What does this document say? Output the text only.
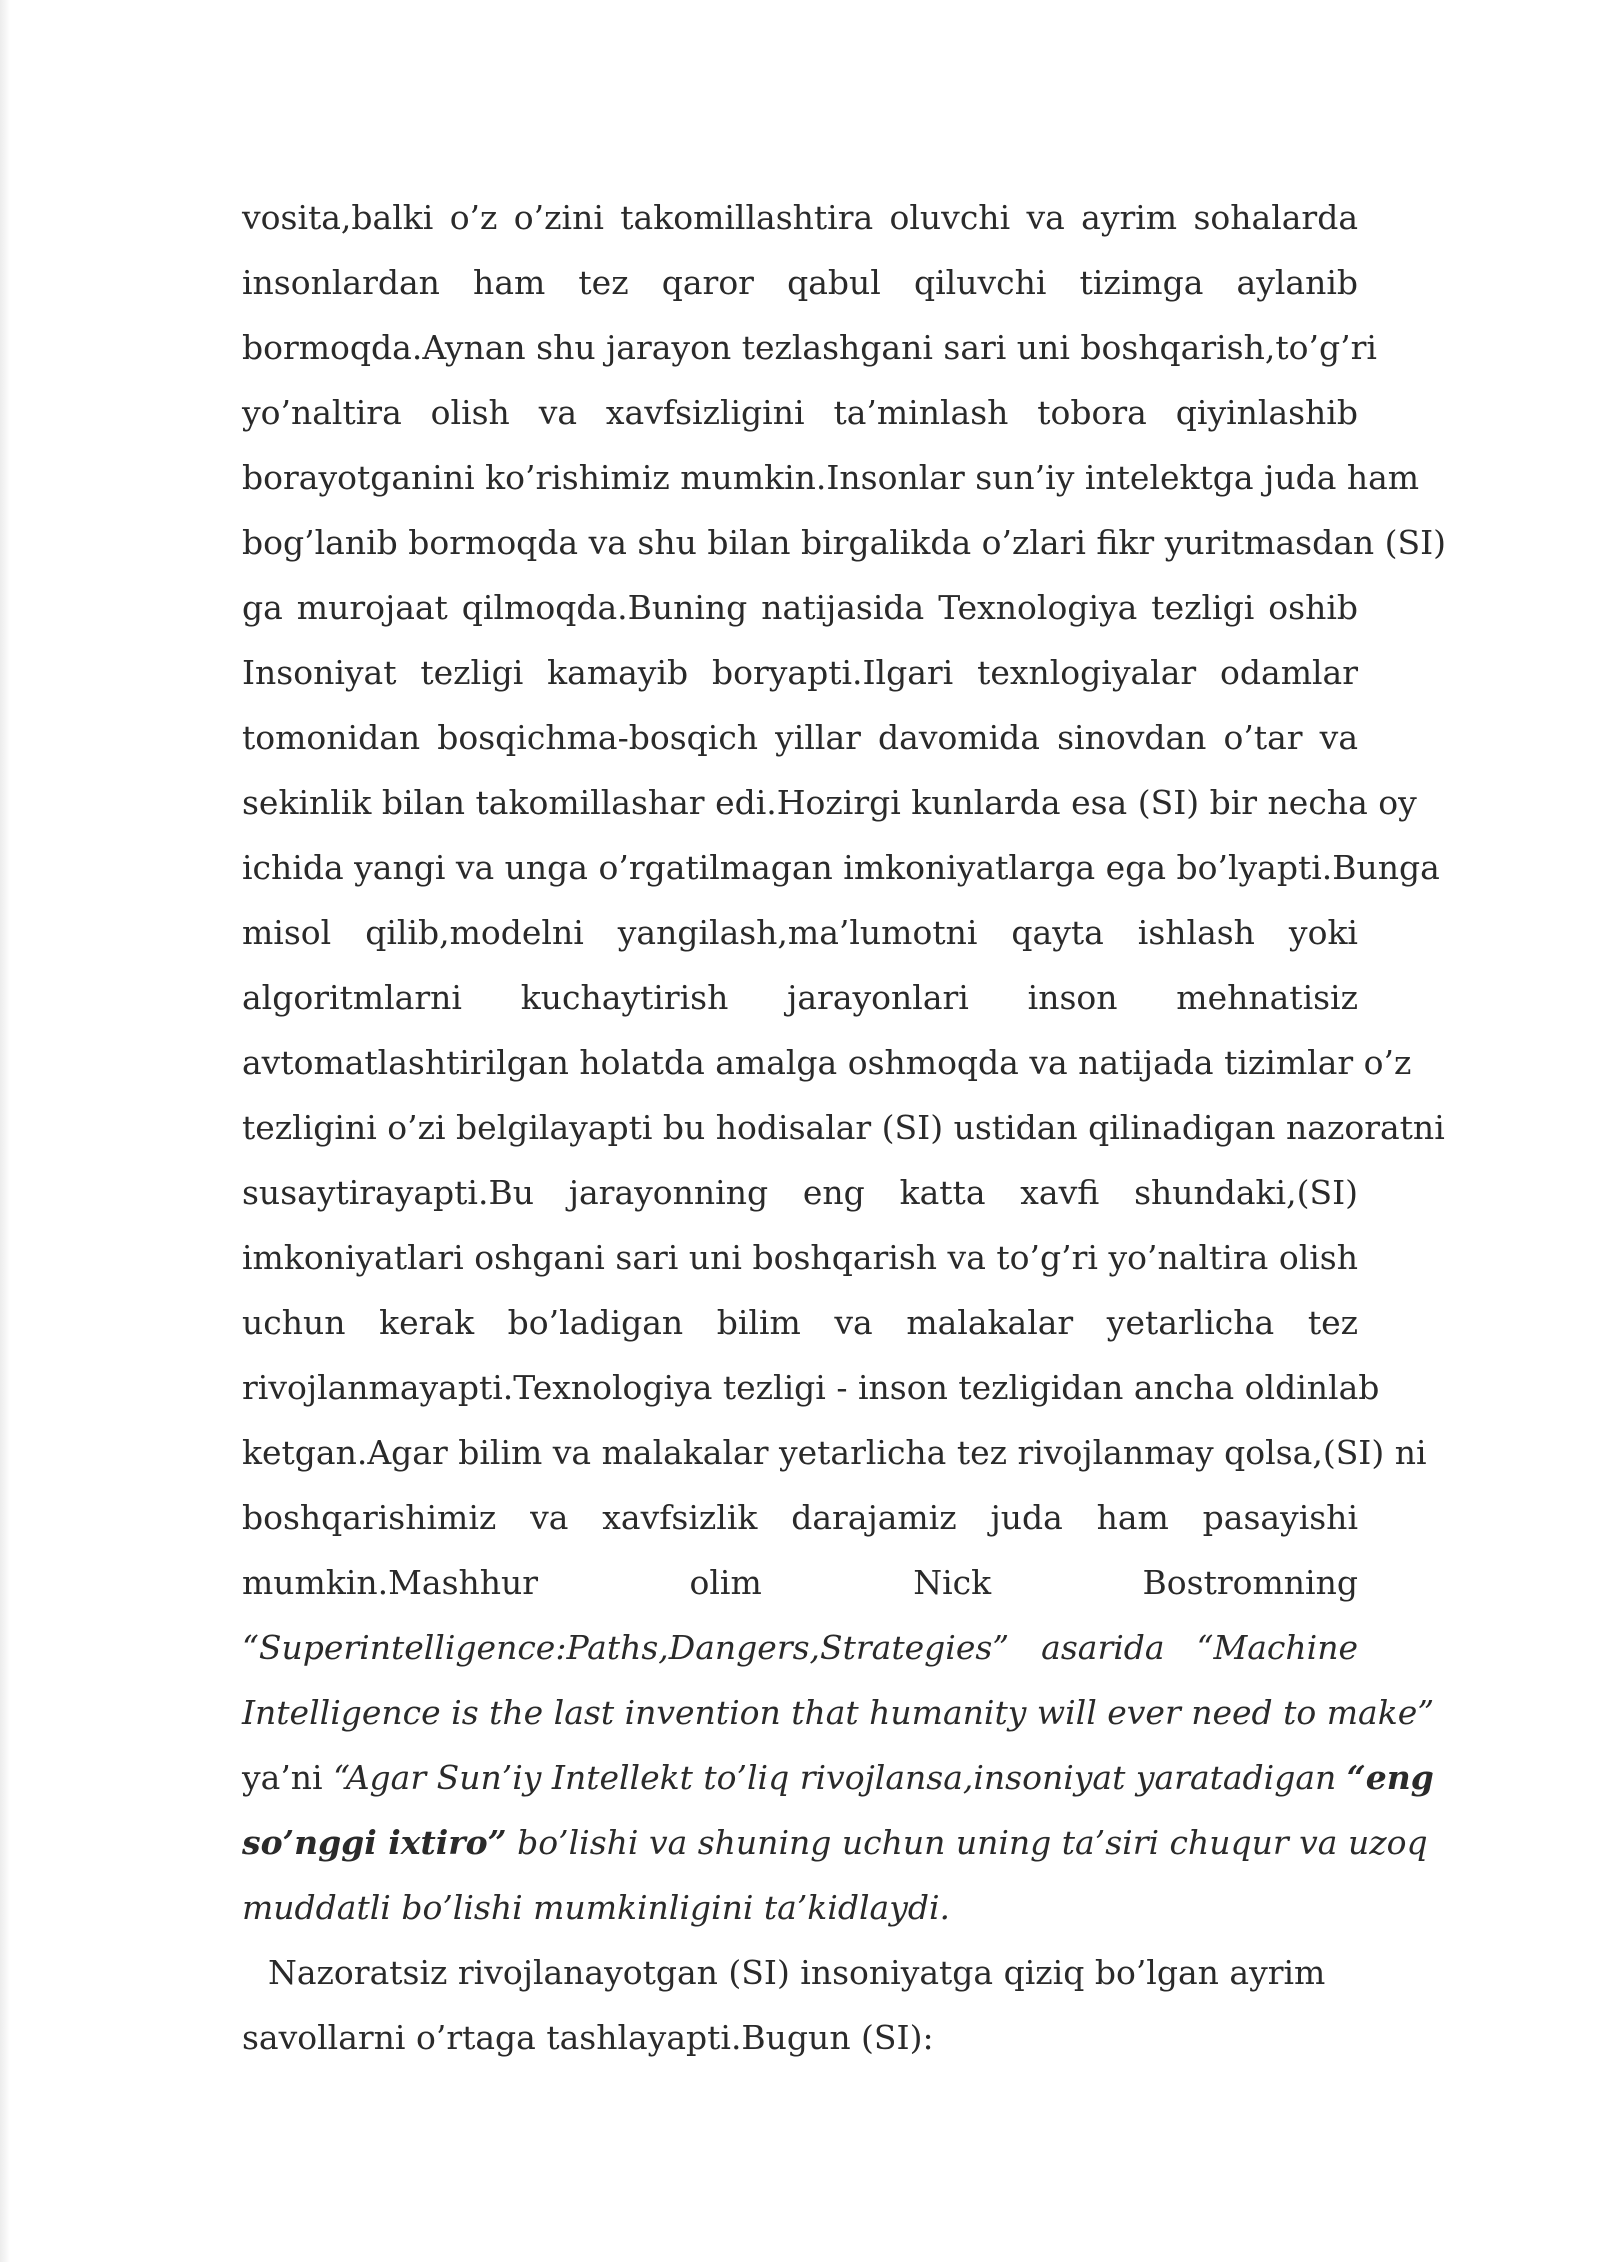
vosita,balki o’z o’zini takomillashtira oluvchi va ayrim sohalarda
insonlardan ham tez qaror qabul qiluvchi tizimga aylanib
bormoqda.Aynan shu jarayon tezlashgani sari uni boshqarish,to’g’ri
yo’naltira olish va xavfsizligini ta’minlash tobora qiyinlashib
borayotganini ko’rishimiz mumkin.Insonlar sun’iy intelektga juda ham
bog’lanib bormoqda va shu bilan birgalikda o’zlari fikr yuritmasdan (SI)
ga murojaat qilmoqda.Buning natijasida Texnologiya tezligi oshib
Insoniyat tezligi kamayib boryapti.Ilgari texnlogiyalar odamlar
tomonidan bosqichma-bosqich yillar davomida sinovdan o’tar va
sekinlik bilan takomillashar edi.Hozirgi kunlarda esa (SI) bir necha oy
ichida yangi va unga o’rgatilmagan imkoniyatlarga ega bo’lyapti.Bunga
misol qilib,modelni yangilash,ma’lumotni qayta ishlash yoki
algoritmlarni kuchaytirish jarayonlari inson mehnatisiz
avtomatlashtirilgan holatda amalga oshmoqda va natijada tizimlar o’z
tezligini o’zi belgilayapti bu hodisalar (SI) ustidan qilinadigan nazoratni
susaytirayapti.Bu jarayonning eng katta xavfi shundaki,(SI)
imkoniyatlari oshgani sari uni boshqarish va to’g’ri yo’naltira olish
uchun kerak bo’ladigan bilim va malakalar yetarlicha tez
rivojlanmayapti.Texnologiya tezligi - inson tezligidan ancha oldinlab
ketgan.Agar bilim va malakalar yetarlicha tez rivojlanmay qolsa,(SI) ni
boshqarishimiz va xavfsizlik darajamiz juda ham pasayishi
mumkin.Mashhur olim Nick Bostromning
“Superintelligence:Paths,Dangers,Strategies” asarida “Machine
Intelligence is the last invention that humanity will ever need to make”
ya’ni “Agar Sun’iy Intellekt to’liq rivojlansa,insoniyat yaratadigan “eng
so’nggi ixtiro” bo’lishi va shuning uchun uning ta’siri chuqur va uzoq
muddatli bo’lishi mumkinligini ta’kidlaydi.
Nazoratsiz rivojlanayotgan (SI) insoniyatga qiziq bo’lgan ayrim
savollarni o’rtaga tashlayapti.Bugun (SI):
